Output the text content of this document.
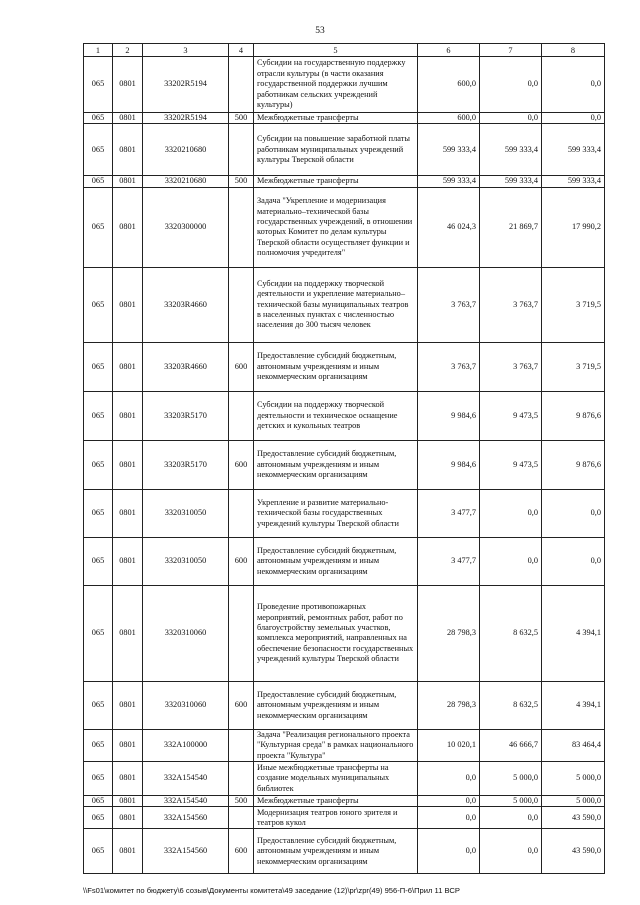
53
1	2	3	4	5	6	7	8
065	0801	33202R5194		Субсидии на государственную поддержку отрасли культуры (в части оказания государственной поддержки лучшим работникам сельских учреждений культуры)	600,0	0,0	0,0
065	0801	33202R5194	500	Межбюджетные трансферты	600,0	0,0	0,0
065	0801	3320210680		Субсидии на повышение заработной платы работникам муниципальных учреждений культуры Тверской области	599 333,4	599 333,4	599 333,4
065	0801	3320210680	500	Межбюджетные трансферты	599 333,4	599 333,4	599 333,4
065	0801	3320300000		Задача "Укрепление и модернизация материально–технической базы государственных учреждений, в отношении которых Комитет по делам культуры Тверской области осуществляет функции и полномочия учредителя"	46 024,3	21 869,7	17 990,2
065	0801	33203R4660		Субсидии на поддержку творческой деятельности и укрепление материально–технической базы муниципальных театров в населенных пунктах с численностью населения до 300 тысяч человек	3 763,7	3 763,7	3 719,5
065	0801	33203R4660	600	Предоставление субсидий бюджетным, автономным учреждениям и иным некоммерческим организациям	3 763,7	3 763,7	3 719,5
065	0801	33203R5170		Субсидии на поддержку творческой деятельности и техническое оснащение детских и кукольных театров	9 984,6	9 473,5	9 876,6
065	0801	33203R5170	600	Предоставление субсидий бюджетным, автономным учреждениям и иным некоммерческим организациям	9 984,6	9 473,5	9 876,6
065	0801	3320310050		Укрепление и развитие материально-технической базы государственных учреждений культуры Тверской области	3 477,7	0,0	0,0
065	0801	3320310050	600	Предоставление субсидий бюджетным, автономным учреждениям и иным некоммерческим организациям	3 477,7	0,0	0,0
065	0801	3320310060		Проведение противопожарных мероприятий, ремонтных работ, работ по благоустройству земельных участков, комплекса мероприятий, направленных на обеспечение безопасности государственных учреждений культуры Тверской области	28 798,3	8 632,5	4 394,1
065	0801	3320310060	600	Предоставление субсидий бюджетным, автономным учреждениям и иным некоммерческим организациям	28 798,3	8 632,5	4 394,1
065	0801	332A100000		Задача "Реализация регионального проекта "Культурная среда" в рамках национального проекта "Культура"	10 020,1	46 666,7	83 464,4
065	0801	332A154540		Иные межбюджетные трансферты на создание модельных муниципальных библиотек	0,0	5 000,0	5 000,0
065	0801	332A154540	500	Межбюджетные трансферты	0,0	5 000,0	5 000,0
065	0801	332A154560		Модернизация театров юного зрителя и театров кукол	0,0	0,0	43 590,0
065	0801	332A154560	600	Предоставление субсидий бюджетным, автономным учреждениям и иным некоммерческим организациям	0,0	0,0	43 590,0
\\Fs01\комитет по бюджету\6 созыв\Документы комитета\49 заседание (12)\pr\zpr(49) 956-П-6\Прил 11 ВСР
